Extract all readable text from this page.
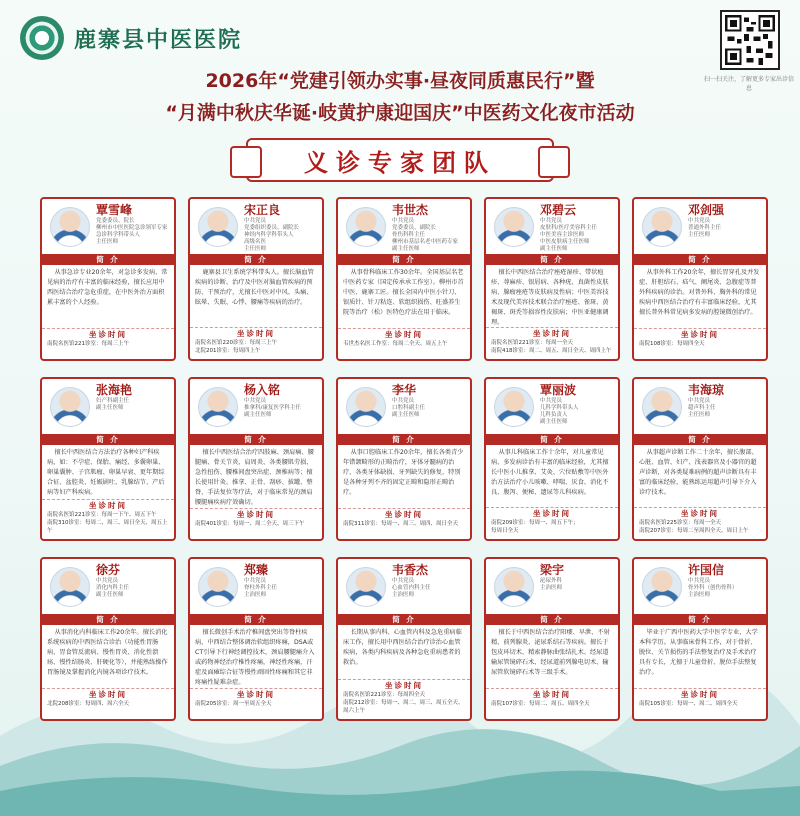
鹿寨县中医医院
扫一扫关注，了解更多专家出诊信息
2026年“党建引领办实事·昼夜同质惠民行”暨
“月满中秋庆华诞·岐黄护康迎国庆”中医药文化夜市活动
义诊专家团队
覃雪峰
党委委员、院长
柳州市中医医院急诊领军专家
急诊科学科带头人
主任医师
简 介
从事急诊专业20余年，对急诊多发病、常见病的治疗有丰富的临床经验，擅长应用中西医结合治疗急危重症，在中医外治方面积累丰富的个人经验。
坐诊时间
南院名医馆221诊室：每周三上午
宋正良
中共党员
党委组织委员、副院长
神经内科学科带头人
高级名医
主任医师
简 介
鹿寨县卫生系统学科带头人。擅长脑血管疾病的诊断、治疗及中医对脑血管疾病的预防、干预治疗，尤擅长中医对中风、头痛、眩晕、失眠、心悸、腰痛等疾病的治疗。
坐诊时间
南院名医馆220诊室：每周三上午
北院201诊室：每周四上午
韦世杰
中共党员
党委委员、副院长
骨伤科科主任
柳州市基层名老中医药专家
副主任医师
简 介
从事骨科临床工作30余年。全国基层名老中医药专家（国定传承承工作室）。柳州市首中医、鹿寨工匠。擅长全国内中医小针刀、银质针、针刀粘连、软组织损伤、旺盛养生院等治疗（松）医特色疗法在用于临床。
坐诊时间
韦世杰名医工作室：每周二全天、周五上午
邓碧云
中共党员
皮肤科/医疗美容科主任
中医美容主诊医师
中医皮肤病主任医师
副主任医师
简 介
擅长中西医结合治疗痤疮湿疹、带状疱疹、荨麻疹、银屑病、各种疣、真菌性皮肤病、腺瘤痤疮等皮肤病及性病；中医美容技术及现代美容技术联合治疗痤疮、雀斑、黄褐斑、斑秃等损容性皮肤病；中医亚健康调理。
坐诊时间
南院名医馆221诊室：每周一全天
南院418诊室：周二、周五、周日全天、周四上午
邓剑强
中共党员
普通外科主任
主任医师
简 介
从事外科工作20余年，擅长胃穿孔及并发症、肝胆结石、疝气、阑尾炎、急腹症等普外科疾病的诊治。对普外科、胸外科的常见疾病中西医结合治疗有丰富临床经验，尤其擅长普外科常见病多发病的腔镜微创治疗。
坐诊时间
南院108诊室：每周四全天
张海艳
妇产科副主任
副主任医师
简 介
擅长中西医结合方法治疗各种妇产科疾病，如：不孕症、保胎、痛经、多囊卵巢、卵巢囊肿、子宫肌瘤、卵巢早衰、更年期综合征、盆腔炎、妊娠剧吐、乳腺结节、产后病等妇产科疾病。
坐诊时间
南院名医馆221诊室：每周一下午、周五下午
南院310诊室：每周二、周三、周日全天、周五上午
杨入铭
中共党员
推拿科/康复医学科主任
副主任医师
简 介
擅长中西医结合治疗四肢麻、颈肩痛、腰腿痛、骨关节炎、肩周炎、各类腰肌劳损、急性扭伤、腰椎间盘突出症、颈椎病等；擅长使用针灸、推拿、正骨、刮痧、拔罐、整脊、手法复位等疗法，对于临床常见的颈肩腰腿痛疾病疗效确切。
坐诊时间
南院401诊室：每周一、周二全天、周三下午
李华
中共党员
口腔科副主任
副主任医师
简 介
从事口腔临床工作20余年，擅长各类青少年错颌畸形的正畸治疗，牙体牙髓病的治疗，各类牙体缺损、牙列缺失的修复，特别是各种牙列不齐的固定正畸和隐形正畸治疗。
坐诊时间
南院311诊室：每周一、周三、周四、周日全天
覃丽波
中共党员
儿科学科带头人
儿科负责人
副主任医师
简 介
从事儿科临床工作十余年，对儿童常见病、多发病诊治有丰富的临床经验，尤其擅长中医小儿推拿、艾灸、穴位贴敷等中医外治方法治疗小儿咳嗽、哮喘、厌食、消化不良、腹泻、便秘、遗尿等儿科疾病。
坐诊时间
南院209诊室：每周一、周五下午；
每周日全天
韦海琼
中共党员
超声科主任
主任医师
简 介
从事超声诊断工作二十余年，擅长腹部、心脏、血管、妇产、浅表器官及小器官的超声诊断，对各类疑难病例的超声诊断具有丰富的临床经验，能熟练运用超声引导下介入诊疗技术。
坐诊时间
南院名医馆225诊室：每周一全天
南院207诊室：每周二至周四全天、周日上午
徐芬
中共党员
消化内科主任
副主任医师
简 介
从事消化内科临床工作20余年。擅长消化系统疾病的中西医结合诊治（功能性胃肠病、胃食管反流病、慢性胃炎、消化性溃疡、慢性结肠炎、肝硬化等），并能熟练操作胃肠镜及掌握消化内镜各项诊疗技术。
坐诊时间
北院208诊室：每周四、周六全天
郑臻
中共党员
脊柱外科主任
主治医师
简 介
擅长微创手术治疗椎间盘突出等脊柱疾病，中西结合整体调治软组织疼痛，DSA或CT引导下行神经调控技术，颈肩腰腿痛介入或药物神经治疗椎性疼痛，神经性疼痛，汗症及面瘫综合征等慢性顽固性疼痛和其它非疼痛性疑难杂症。
坐诊时间
南院205诊室：周一至周五全天
韦香杰
中共党员
心血管内科主任
主治医师
简 介
长期从事内科、心血管内科及急危重病临床工作，擅长用中西医结合治疗诊治心血管疾病，各类内科疾病及各种急危重病患者的救治。
坐诊时间
南院名医馆221诊室：每周四全天
南院212诊室：每周一、周二、周三、周五全天、周六上午
梁宇
泌尿外科
主治医师
简 介
擅长于中西医结合治疗阳痿、早泄、不射精、前列腺炎、泌尿系结石等疾病。擅长于包皮环切术、精索静脉曲张结扎术、经尿道输尿管镜碎石术、经尿道前列腺电切术、输尿管软镜碎石术等三级手术。
坐诊时间
南院107诊室：每周二、周五、周四全天
许国信
中共党员
骨外科（创伤骨科）
主治医师
简 介
毕业于广西中医药大学中医学专业，大学本科学历。从事临床骨科工作，对于骨折、脱位、关节损伤的手法整复治疗及手术治疗具有专长，尤擅于儿童骨折、脱位手法整复治疗。
坐诊时间
南院105诊室：每周一、周二、周四全天
